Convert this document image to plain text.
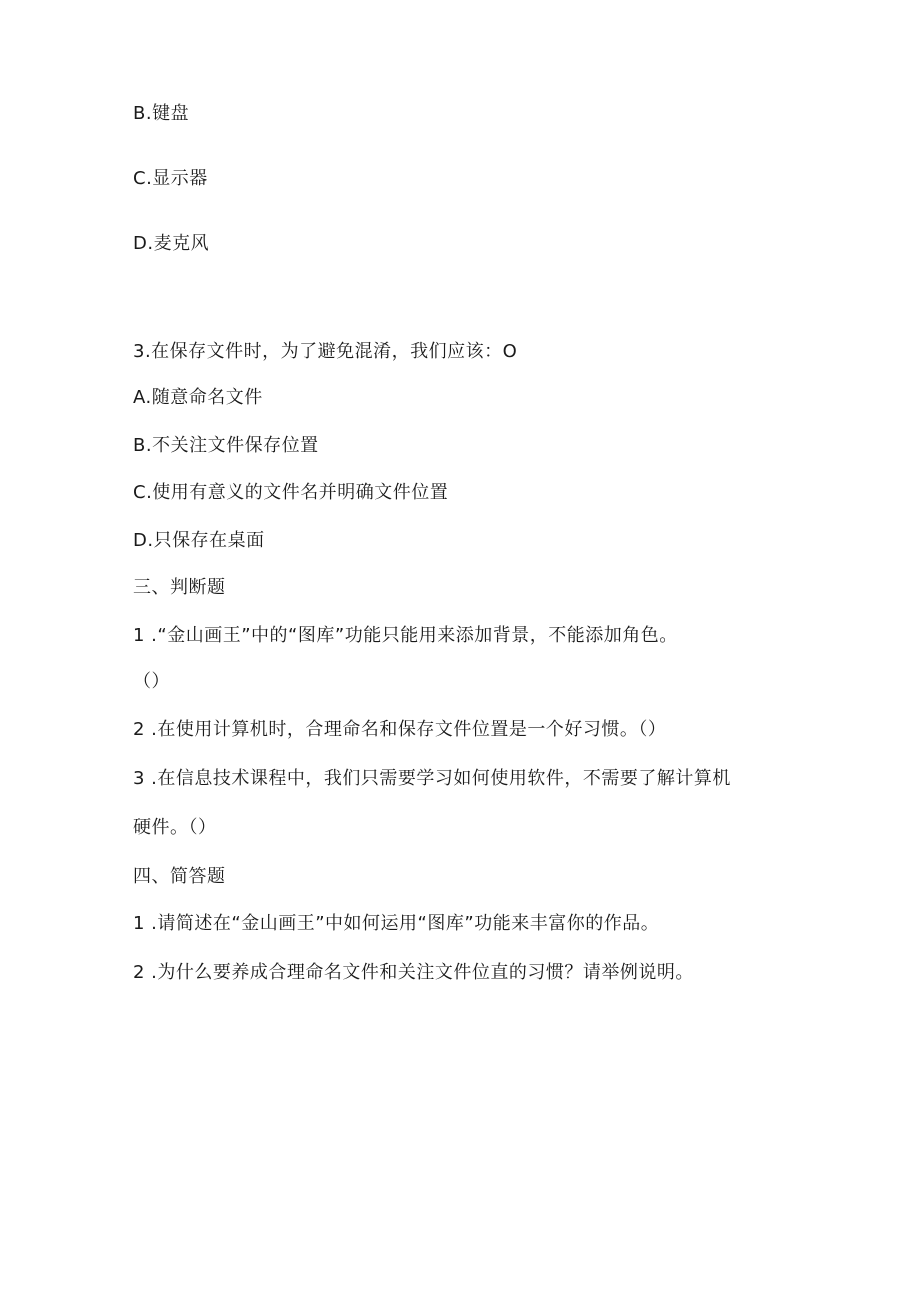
B.键盘
C.显示器
D.麦克风
3.在保存文件时，为了避免混淆，我们应该：O
A.随意命名文件
B.不关注文件保存位置
C.使用有意义的文件名并明确文件位置
D.只保存在桌面
三、判断题
1 .“金山画王”中的“图库”功能只能用来添加背景，不能添加角色。
（）
2 .在使用计算机时，合理命名和保存文件位置是一个好习惯。（）
3 .在信息技术课程中，我们只需要学习如何使用软件，不需要了解计算机
硬件。（）
四、简答题
1 .请简述在“金山画王”中如何运用“图库”功能来丰富你的作品。
2 .为什么要养成合理命名文件和关注文件位直的习惯？请举例说明。
